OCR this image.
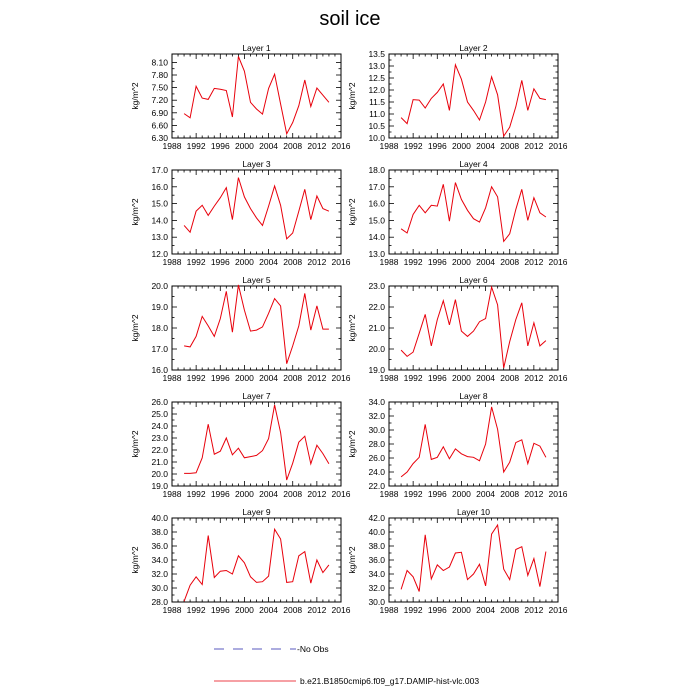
soil ice
Layer 1
1988 1992 1996 2000 2004 2008 2012 2016
6.30
6.60
6.90
7.20
7.50
7.80
8.10
kg/m^2
Layer 2
1988 1992 1996 2000 2004 2008 2012 2016
10.0
10.5
11.0
11.5
12.0
12.5
13.0
13.5
kg/m^2
Layer 3
1988 1992 1996 2000 2004 2008 2012 2016
12.0
13.0
14.0
15.0
16.0
17.0
kg/m^2
Layer 4
1988 1992 1996 2000 2004 2008 2012 2016
13.0
14.0
15.0
16.0
17.0
18.0
kg/m^2
Layer 5
1988 1992 1996 2000 2004 2008 2012 2016
16.0
17.0
18.0
19.0
20.0
kg/m^2
Layer 6
1988 1992 1996 2000 2004 2008 2012 2016
19.0
20.0
21.0
22.0
23.0
kg/m^2
Layer 7
1988 1992 1996 2000 2004 2008 2012 2016
19.0
20.0
21.0
22.0
23.0
24.0
25.0
26.0
kg/m^2
Layer 8
1988 1992 1996 2000 2004 2008 2012 2016
22.0
24.0
26.0
28.0
30.0
32.0
34.0
kg/m^2
Layer 9
1988 1992 1996 2000 2004 2008 2012 2016
28.0
30.0
32.0
34.0
36.0
38.0
40.0
kg/m^2
Layer 10
1988 1992 1996 2000 2004 2008 2012 2016
30.0
32.0
34.0
36.0
38.0
40.0
42.0
kg/m^2
-No Obs
b.e21.B1850cmip6.f09_g17.DAMIP-hist-vlc.003
